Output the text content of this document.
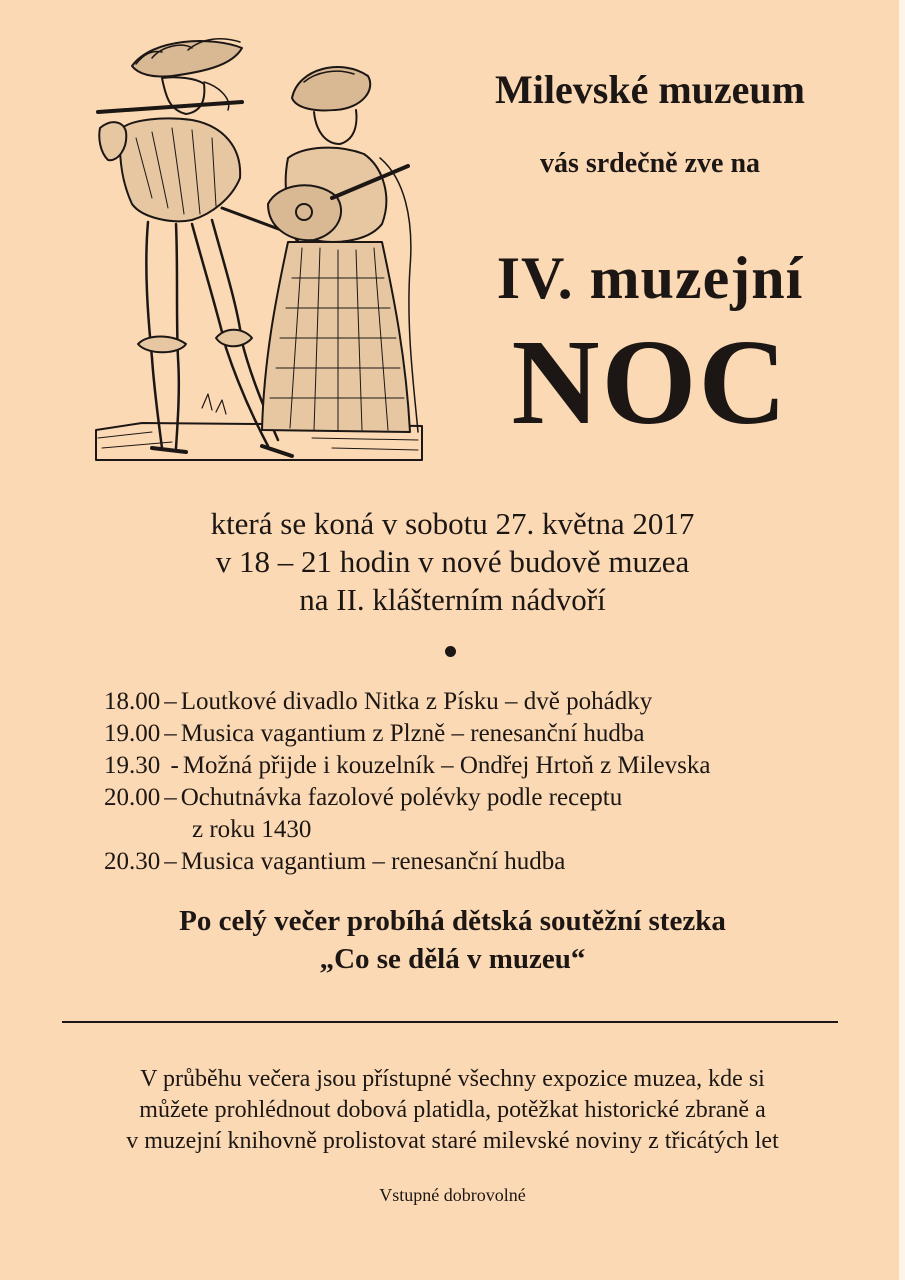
Milevské muzeum
vás srdečně zve na
IV. muzejní
NOC
která se koná v sobotu 27. května 2017
v 18 – 21 hodin v nové budově muzea
na II. klášterním nádvoří
18.00 – Loutkové divadlo Nitka z Písku – dvě pohádky
19.00 – Musica vagantium z Plzně – renesanční hudba
19.30 - Možná přijde i kouzelník – Ondřej Hrtoň z Milevska
20.00 – Ochutnávka fazolové polévky podle receptu
z roku 1430
20.30 – Musica vagantium – renesanční hudba
Po celý večer probíhá dětská soutěžní stezka
„Co se dělá v muzeu“
V průběhu večera jsou přístupné všechny expozice muzea, kde si
můžete prohlédnout dobová platidla, potěžkat historické zbraně a
v muzejní knihovně prolistovat staré milevské noviny z třicátých let
Vstupné dobrovolné
